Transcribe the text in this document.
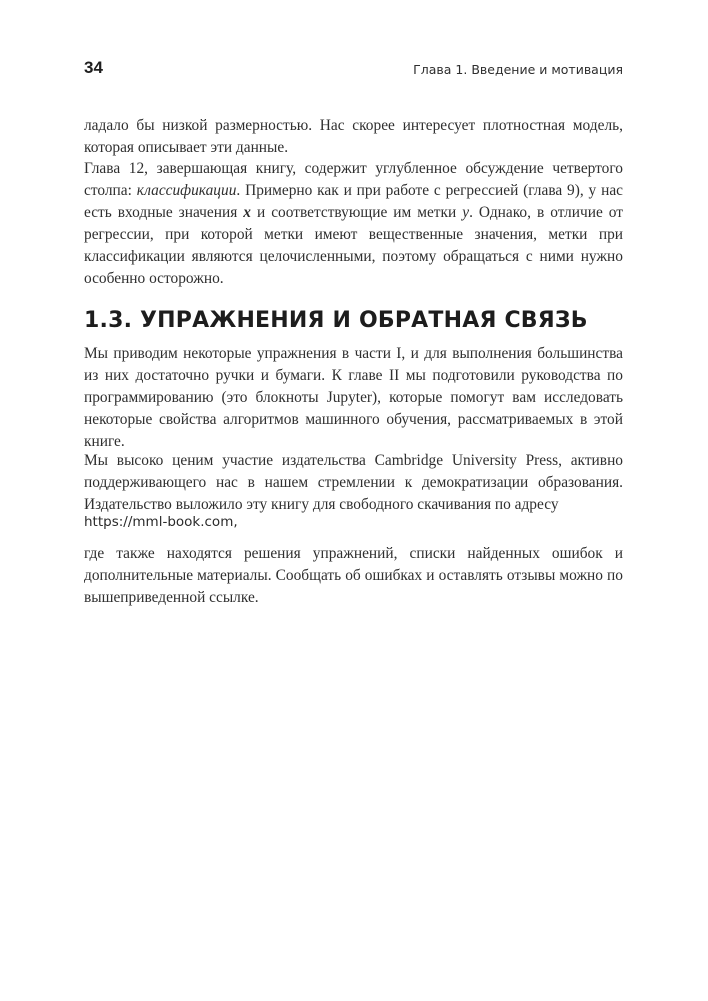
34	Глава 1. Введение и мотивация

ладало бы низкой размерностью. Нас скорее интересует плотностная модель, которая описывает эти данные.

Глава 12, завершающая книгу, содержит углубленное обсуждение четвертого столпа: классификации. Примерно как и при работе с регрессией (глава 9), у нас есть входные значения x и соответствующие им метки y. Однако, в отличие от регрессии, при которой метки имеют вещественные значения, метки при классификации являются целочисленными, поэтому обращаться с ними нужно особенно осторожно.

1.3. УПРАЖНЕНИЯ И ОБРАТНАЯ СВЯЗЬ

Мы приводим некоторые упражнения в части I, и для выполнения большинства из них достаточно ручки и бумаги. К главе II мы подготовили руководства по программированию (это блокноты Jupyter), которые помогут вам исследовать некоторые свойства алгоритмов машинного обучения, рассматриваемых в этой книге.

Мы высоко ценим участие издательства Cambridge University Press, активно поддерживающего нас в нашем стремлении к демократизации образования. Издательство выложило эту книгу для свободного скачивания по адресу

https://mml-book.com,

где также находятся решения упражнений, списки найденных ошибок и дополнительные материалы. Сообщать об ошибках и оставлять отзывы можно по вышеприведенной ссылке.
